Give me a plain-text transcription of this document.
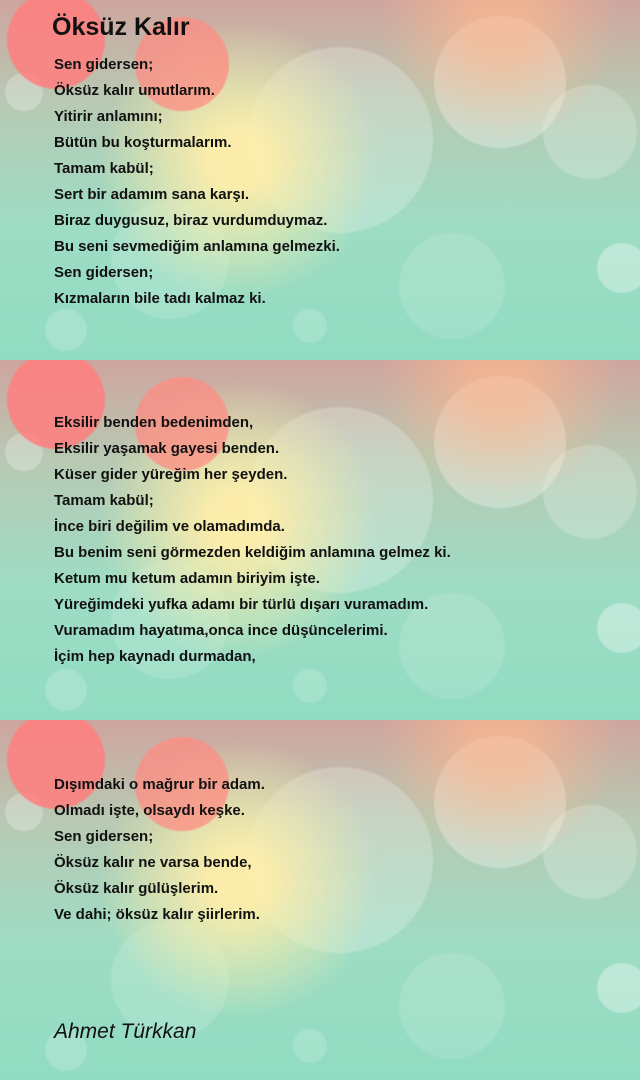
Öksüz Kalır
Sen gidersen;
Öksüz kalır umutlarım.
Yitirir anlamını;
Bütün bu koşturmalarım.
Tamam kabül;
Sert bir adamım sana karşı.
Biraz duygusuz, biraz vurdumduymaz.
Bu seni sevmediğim anlamına gelmezki.
Sen gidersen;
Kızmaların bile tadı kalmaz ki.
Eksilir benden bedenimden,
Eksilir yaşamak gayesi benden.
Küser gider yüreğim her şeyden.
Tamam kabül;
İnce biri değilim ve olamadımda.
Bu benim seni görmezden keldiğim anlamına gelmez ki.
Ketum mu ketum adamın biriyim işte.
Yüreğimdeki yufka adamı bir türlü dışarı vuramadım.
Vuramadım hayatıma,onca ince düşüncelerimi.
İçim hep kaynadı durmadan,
Dışımdaki o mağrur bir adam.
Olmadı işte, olsaydı keşke.
Sen gidersen;
Öksüz kalır ne varsa bende,
Öksüz kalır gülüşlerim.
Ve dahi; öksüz kalır şiirlerim.

Ahmet Türkkan
